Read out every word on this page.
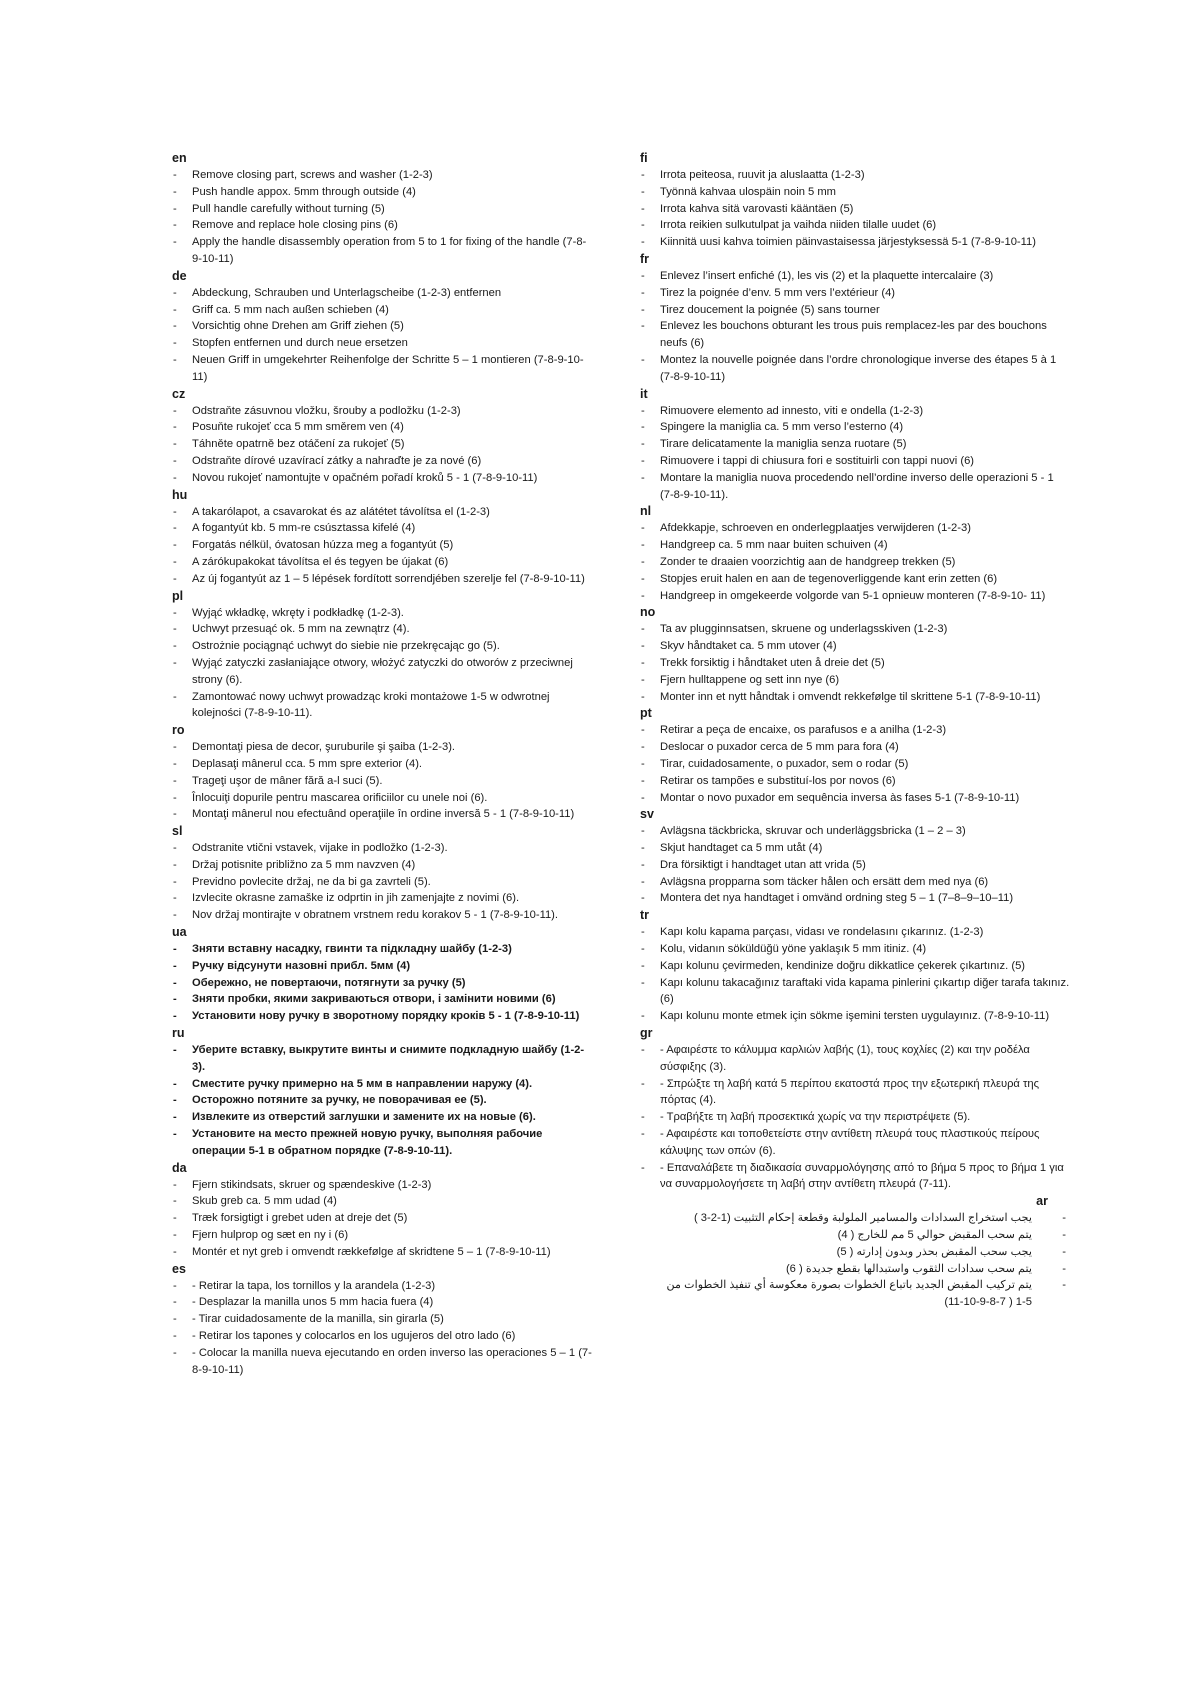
en
- Remove closing part, screws and washer (1-2-3)
- Push handle appox. 5mm through outside (4)
- Pull handle carefully without turning (5)
- Remove and replace hole closing pins (6)
- Apply the handle disassembly operation from 5 to 1 for fixing of the handle (7-8-9-10-11)
de
- Abdeckung, Schrauben und Unterlagscheibe (1-2-3) entfernen
- Griff ca. 5 mm nach außen schieben (4)
- Vorsichtig ohne Drehen am Griff ziehen (5)
- Stopfen entfernen und durch neue ersetzen
- Neuen Griff in umgekehrter Reihenfolge der Schritte 5 – 1 montieren (7-8-9-10-11)
cz
- Odstraňte zásuvnou vložku, šrouby a podložku (1-2-3)
- Posuňte rukojeť cca 5 mm směrem ven (4)
- Táhněte opatrně bez otáčení za rukojeť (5)
- Odstraňte dírové uzavírací zátky a nahraďte je za nové (6)
- Novou rukojeť namontujte v opačném pořadí kroků 5 - 1 (7-8-9-10-11)
hu
- A takarólapot, a csavarokat és az alátétet távolítsa el (1-2-3)
- A fogantyút kb. 5 mm-re csúsztassa kifelé (4)
- Forgatás nélkül, óvatosan húzza meg a fogantyút (5)
- A zárókupakokat távolítsa el és tegyen be újakat (6)
- Az új fogantyút az 1 – 5 lépések fordított sorrendjében szerelje fel (7-8-9-10-11)
pl
- Wyjąć wkładkę, wkręty i podkładkę (1-2-3).
- Uchwyt przesuąć ok. 5 mm na zewnątrz (4).
- Ostrożnie pociągnąć uchwyt do siebie nie przekręcając go (5).
- Wyjąć zatyczki zasłaniające otwory, włożyć zatyczki do otworów z przeciwnej strony (6).
- Zamontować nowy uchwyt prowadząc kroki montażowe 1-5 w odwrotnej kolejności (7-8-9-10-11).
ro
- Demontaţi piesa de decor, şuruburile şi şaiba (1-2-3).
- Deplasaţi mânerul cca. 5 mm spre exterior (4).
- Trageţi uşor de mâner fără a-l suci (5).
- Înlocuiţi dopurile pentru mascarea orificiilor cu unele noi (6).
- Montaţi mânerul nou efectuând operaţiile în ordine inversă 5 - 1 (7-8-9-10-11)
sl
- Odstranite vtični vstavek, vijake in podložko (1-2-3).
- Držaj potisnite približno za 5 mm navzven (4)
- Previdno povlecite držaj, ne da bi ga zavrteli (5).
- Izvlecite okrasne zamaške iz odprtin in jih zamenjajte z novimi (6).
- Nov držaj montirajte v obratnem vrstnem redu korakov 5 - 1 (7-8-9-10-11).
ua
- Зняти вставну насадку, гвинти та підкладну шайбу (1-2-3)
- Ручку відсунути назовні прибл. 5мм (4)
- Обережно, не повертаючи, потягнути за ручку (5)
- Зняти пробки, якими закриваються отвори, і замінити новими (6)
- Установити нову ручку в зворотному порядку кроків 5 - 1 (7-8-9-10-11)
ru
- Уберите вставку, выкрутите винты и снимите подкладную шайбу (1-2-3).
- Сместите ручку примерно на 5 мм в направлении наружу (4).
- Осторожно потяните за ручку, не поворачивая ее (5).
- Извлеките из отверстий заглушки и замените их на новые (6).
- Установите на место прежней новую ручку, выполняя рабочие операции 5-1 в обратном порядке (7-8-9-10-11).
da
- Fjern stikindsats, skruer og spændeskive (1-2-3)
- Skub greb ca. 5 mm udad (4)
- Træk forsigtigt i grebet uden at dreje det (5)
- Fjern hulprop og sæt en ny i (6)
- Montér et nyt greb i omvendt rækkefølge af skridtene 5 – 1 (7-8-9-10-11)
es
- - Retirar la tapa, los tornillos y la arandela (1-2-3)
- - Desplazar la manilla unos 5 mm hacia fuera (4)
- - Tirar cuidadosamente de la manilla, sin girarla (5)
- - Retirar los tapones y colocarlos en los ugujeros del otro lado (6)
- - Colocar la manilla nueva ejecutando en orden inverso las operaciones 5 – 1 (7-8-9-10-11)
fi
- Irrota peiteosa, ruuvit ja aluslaatta (1-2-3)
- Työnnä kahvaa ulospäin noin 5 mm
- Irrota kahva sitä varovasti kääntäen (5)
- Irrota reikien sulkutulpat ja vaihda niiden tilalle uudet (6)
- Kiinnitä uusi kahva toimien päinvastaisessa järjestyksessä 5-1 (7-8-9-10-11)
fr
- Enlevez l’insert enfiché (1), les vis (2) et la plaquette intercalaire (3)
- Tirez la poignée d’env. 5 mm vers l’extérieur (4)
- Tirez doucement la poignée (5) sans tourner
- Enlevez les bouchons obturant les trous puis remplacez-les par des bouchons neufs (6)
- Montez la nouvelle poignée dans l’ordre chronologique inverse des étapes 5 à 1 (7-8-9-10-11)
it
- Rimuovere elemento ad innesto, viti e ondella (1-2-3)
- Spingere la maniglia ca. 5 mm verso l’esterno (4)
- Tirare delicatamente la maniglia senza ruotare (5)
- Rimuovere i tappi di chiusura fori e sostituirli con tappi nuovi (6)
- Montare la maniglia nuova procedendo nell’ordine inverso delle operazioni 5 - 1 (7-8-9-10-11).
nl
- Afdekkapje, schroeven en onderlegplaatjes verwijderen (1-2-3)
- Handgreep ca. 5 mm naar buiten schuiven (4)
- Zonder te draaien voorzichtig aan de handgreep trekken (5)
- Stopjes eruit halen en aan de tegenoverliggende kant erin zetten (6)
- Handgreep in omgekeerde volgorde van 5-1 opnieuw monteren (7-8-9-10- 11)
no
- Ta av plugginnsatsen, skruene og underlagsskiven (1-2-3)
- Skyv håndtaket ca. 5 mm utover (4)
- Trekk forsiktig i håndtaket uten å dreie det (5)
- Fjern hulltappene og sett inn nye (6)
- Monter inn et nytt håndtak i omvendt rekkefølge til skrittene 5-1 (7-8-9-10-11)
pt
- Retirar a peça de encaixe, os parafusos e a anilha (1-2-3)
- Deslocar o puxador cerca de 5 mm para fora (4)
- Tirar, cuidadosamente, o puxador, sem o rodar (5)
- Retirar os tampões e substituí-los por novos (6)
- Montar o novo puxador em sequência inversa às fases 5-1 (7-8-9-10-11)
sv
- Avlägsna täckbricka, skruvar och underläggsbricka (1 – 2 – 3)
- Skjut handtaget ca 5 mm utåt (4)
- Dra försiktigt i handtaget utan att vrida (5)
- Avlägsna propparna som täcker hålen och ersätt dem med nya (6)
- Montera det nya handtaget i omvänd ordning steg 5 – 1 (7–8–9–10–11)
tr
- Kapı kolu kapama parçası, vidası ve rondelasını çıkarınız. (1-2-3)
- Kolu, vidanın söküldüğü yöne yaklaşık 5 mm itiniz. (4)
- Kapı kolunu çevirmeden, kendinize doğru dikkatlice çekerek çıkartınız. (5)
- Kapı kolunu takacağınız taraftaki vida kapama pinlerini çıkartıp diğer tarafa takınız. (6)
- Kapı kolunu monte etmek için sökme işemini tersten uygulayınız. (7-8-9-10-11)
gr
- - Αφαιρέστε το κάλυμμα καρλιών λαβής (1), τους κοχλίες (2) και την ροδέλα σύσφιξης (3).
- - Σπρώξτε τη λαβή κατά 5 περίπου εκατοστά προς την εξωτερική πλευρά της πόρτας (4).
- - Τραβήξτε τη λαβή προσεκτικά χωρίς να την περιστρέψετε (5).
- - Αφαιρέστε και τοποθετείστε στην αντίθετη πλευρά τους πλαστικούς πείρους κάλυψης των οπών (6).
- - Επαναλάβετε τη διαδικασία συναρμολόγησης από το βήμα 5 προς το βήμα 1 για να συναρμολογήσετε τη λαβή στην αντίθετη πλευρά (7-11).
ar
- يجب استخراج السدادات والمسامير الملولبة وقطعة إحكام التثبيت (1-2-3 )
- يتم سحب المقبض حوالي 5 مم للخارج ( 4)
- يجب سحب المقبض بحذر وبدون إدارته ( 5)
- يتم سحب سدادات الثقوب واستبدالها بقطع جديدة ( 6)
- يتم تركيب المقبض الجديد باتباع الخطوات بصورة معكوسة أي تنفيذ الخطوات من 5-1 ( 7-8-9-10-11)
